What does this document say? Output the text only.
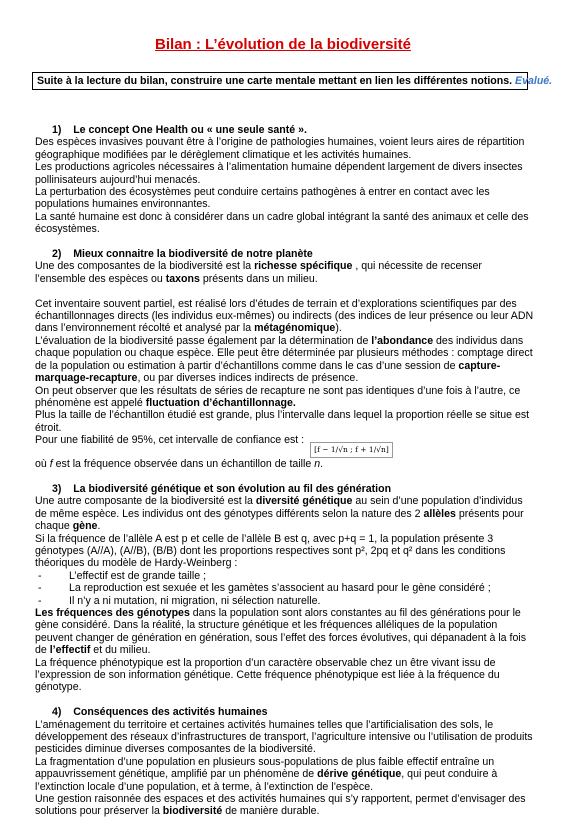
Bilan : L’évolution de la biodiversité
Suite à la lecture du bilan, construire une carte mentale mettant en lien les différentes notions. Evalué.

1)    Le concept One Health ou « une seule santé ».

Des espèces invasives pouvant être à l’origine de pathologies humaines, voient leurs aires de répartition géographique modifiées par le dérèglement climatique et les activités humaines.

Les productions agricoles nécessaires à l’alimentation humaine dépendent largement de divers insectes pollinisateurs aujourd’hui menacés.

La perturbation des écosystèmes peut conduire certains pathogènes à entrer en contact avec les populations humaines environnantes.

La santé humaine est donc à considérer dans un cadre global intégrant la santé des animaux et celle des écosystèmes.

2)    Mieux connaitre la biodiversité de notre planète

Une des composantes de la biodiversité est la richesse spécifique , qui nécessite de recenser l’ensemble des espèces ou taxons présents dans un milieu.

Cet inventaire souvent partiel, est réalisé lors d’études de terrain et d’explorations scientifiques par des échantillonnages directs (les individus eux-mêmes) ou indirects (des indices de leur présence ou leur ADN dans l’environnement récolté et analysé par la métagénomique).

L’évaluation de la biodiversité passe également par la détermination de l’abondance des individus dans chaque population ou chaque espèce. Elle peut être déterminée par plusieurs méthodes : comptage direct de la population ou estimation à partir d’échantillons comme dans le cas d’une session de capture-marquage-recapture, ou par diverses indices indirects de présence.

On peut observer que les résultats de séries de recapture ne sont pas identiques d’une fois à l’autre, ce phénomène est appelé fluctuation d’échantillonnage.

Plus la taille de l’échantillon étudié est grande, plus l’intervalle dans lequel la proportion réelle se situe est étroit.

Pour une fiabilité de 95%, cet intervalle de confiance est :[f − 1/√n ; f + 1/√n]

où f est la fréquence observée dans un échantillon de taille n.

3)    La biodiversité génétique et son évolution au fil des génération

Une autre composante de la biodiversité est la diversité génétique au sein d’une population d’individus de même espèce. Les individus ont des génotypes différents selon la nature des 2 allèles présents pour chaque gène.

Si la fréquence de l’allèle A est p et celle de l’allèle B est q, avec p+q = 1, la population présente 3 génotypes (A//A), (A//B), (B/B) dont les proportions respectives sont p², 2pq et q² dans les conditions théoriques du modèle de Hardy-Weinberg :

- L’effectif est de grande taille ;
- La reproduction est sexuée et les gamètes s’associent au hasard pour le gène considéré ;
- Il n’y a ni mutation, ni migration, ni sélection naturelle.

Les fréquences des génotypes dans la population sont alors constantes au fil des générations pour le gène considéré. Dans la réalité, la structure génétique et les fréquences alléliques de la population peuvent changer de génération en génération, sous l’effet des forces évolutives, qui dépanadent à la fois de l’effectif et du milieu.

La fréquence phénotypique est la proportion d’un caractère observable chez un être vivant issu de l’expression de son information génétique. Cette fréquence phénotypique est liée à la fréquence du génotype.

4)    Conséquences des activités humaines

L’aménagement du territoire et certaines activités humaines telles que l’artificialisation des sols, le développement des réseaux d’infrastructures de transport, l’agriculture intensive ou l’utilisation de produits pesticides diminue diverses composantes de la biodiversité.

La fragmentation d’une population en plusieurs sous-populations de plus faible effectif entraîne un appauvrissement génétique, amplifié par un phénomène de dérive génétique, qui peut conduire à l’extinction locale d’une population, et à terme, à l’extinction de l’espèce.

Une gestion raisonnée des espaces et des activités humaines qui s’y rapportent, permet d’envisager des solutions pour préserver la biodiversité de manière durable.
